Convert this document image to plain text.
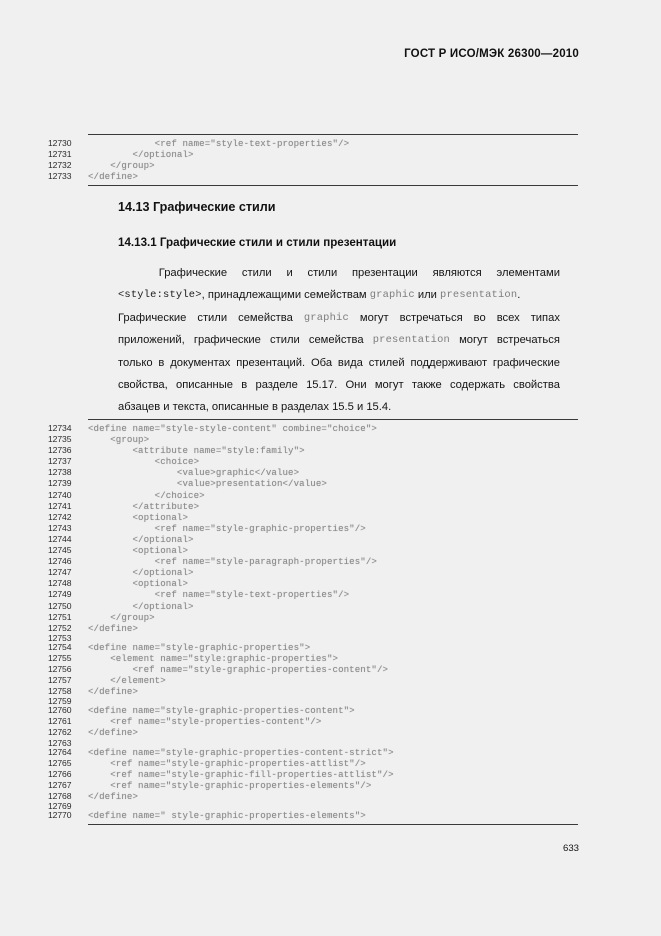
ГОСТ Р ИСО/МЭК 26300—2010
12730	<ref name="style-text-properties"/>
12731	</optional>
12732	</group>
12733	</define>
14.13 Графические стили
14.13.1 Графические стили и стили презентации
Графические стили и стили презентации являются элементами
<style:style> , принадлежащими семействам
graphic
или
presentation .
Графические стили семейства graphic могут встречаться во всех типах
приложений, графические стили семейства presentation могут встречаться
только в документах презентаций. Оба вида стилей поддерживают графические
свойства, описанные в разделе 15.17. Они могут также содержать свойства
абзацев и текста, описанные в разделах 15.5 и 15.4.
12734	<define name="style-style-content" combine="choice">
12735	<group>
12736	<attribute name="style:family">
12737	<choice>
12738	<value>graphic</value>
12739	<value>presentation</value>
12740	</choice>
12741	</attribute>
12742	<optional>
12743	<ref name="style-graphic-properties"/>
12744	</optional>
12745	<optional>
12746	<ref name="style-paragraph-properties"/>
12747	</optional>
12748	<optional>
12749	<ref name="style-text-properties"/>
12750	</optional>
12751	</group>
12752	</define>
12753
12754	<define name="style-graphic-properties">
12755	<element name="style:graphic-properties">
12756	<ref name="style-graphic-properties-content"/>
12757	</element>
12758	</define>
12759
12760	<define name="style-graphic-properties-content">
12761	<ref name="style-properties-content"/>
12762	</define>
12763
12764	<define name="style-graphic-properties-content-strict">
12765	<ref name="style-graphic-properties-attlist"/>
12766	<ref name="style-graphic-fill-properties-attlist"/>
12767	<ref name="style-graphic-properties-elements"/>
12768	</define>
12769
12770	<define name=" style-graphic-properties-elements">
633
